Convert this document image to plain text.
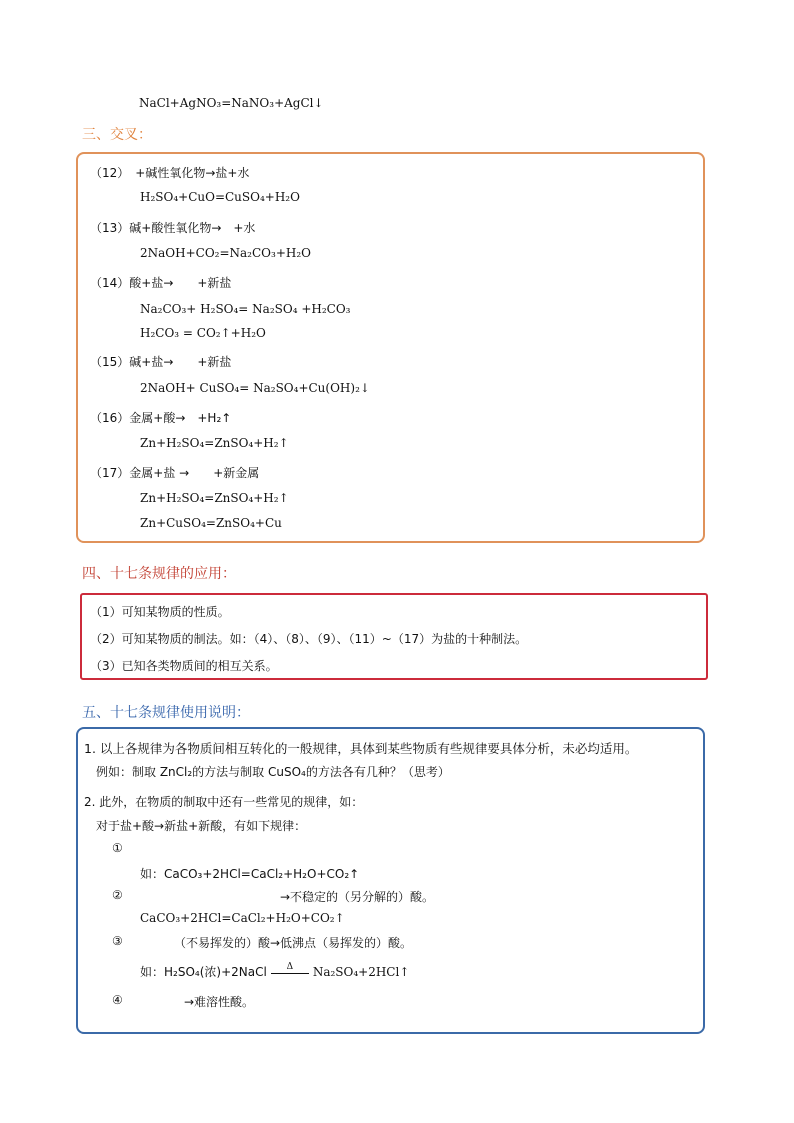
NaCl+AgNO₃=NaNO₃+AgCl↓
三、交叉：
（12）　+碱性氧化物→盐+水
H₂SO₄+CuO=CuSO₄+H₂O
（13）碱+酸性氧化物→　+水
2NaOH+CO₂=Na₂CO₃+H₂O
（14）酸+盐→　　+新盐
Na₂CO₃+ H₂SO₄= Na₂SO₄ +H₂CO₃
H₂CO₃ = CO₂↑+H₂O
（15）碱+盐→　　+新盐
2NaOH+ CuSO₄= Na₂SO₄+Cu(OH)₂↓
（16）金属+酸→　+H₂↑
Zn+H₂SO₄=ZnSO₄+H₂↑
（17）金属+盐 →　　+新金属
Zn+H₂SO₄=ZnSO₄+H₂↑
Zn+CuSO₄=ZnSO₄+Cu
四、十七条规律的应用：
（1）可知某物质的性质。
（2）可知某物质的制法。如：（4）、（8）、（9）、（11）~（17）为盐的十种制法。
（3）已知各类物质间的相互关系。
五、十七条规律使用说明：
1. 以上各规律为各物质间相互转化的一般规律，具体到某些物质有些规律要具体分析，未必均适用。
例如：制取 ZnCl₂的方法与制取 CuSO₄的方法各有几种？（思考）
2. 此外，在物质的制取中还有一些常见的规律，如：
对于盐+酸→新盐+新酸，有如下规律：
①
如：CaCO₃+2HCl=CaCl₂+H₂O+CO₂↑
②	→不稳定的（另分解的）酸。
CaCO₃+2HCl=CaCl₂+H₂O+CO₂↑
③	（不易挥发的）酸→低沸点（易挥发的）酸。
如：H₂SO₄(浓)+2NaCl	Δ	Na₂SO₄+2HCl↑
④	→难溶性酸。
